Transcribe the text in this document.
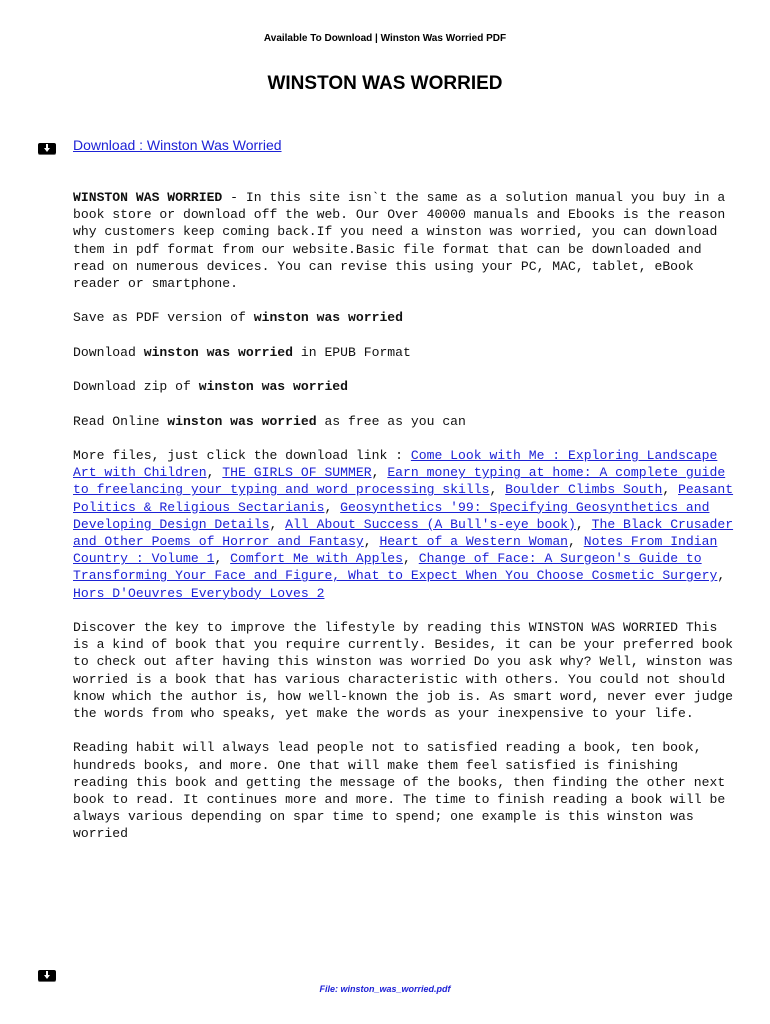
Available To Download | Winston Was Worried PDF
WINSTON WAS WORRIED
Download : Winston Was Worried

WINSTON WAS WORRIED - In this site isn`t the same as a solution manual you buy in a book store or download off the web. Our Over 40000 manuals and Ebooks is the reason why customers keep coming back.If you need a winston was worried, you can download them in pdf format from our website.Basic file format that can be downloaded and read on numerous devices. You can revise this using your PC, MAC, tablet, eBook reader or smartphone.

Save as PDF version of winston was worried

Download winston was worried in EPUB Format

Download zip of winston was worried

Read Online winston was worried as free as you can

More files, just click the download link : Come Look with Me : Exploring Landscape Art with Children, THE GIRLS OF SUMMER, Earn money typing at home: A complete guide to freelancing your typing and word processing skills, Boulder Climbs South, Peasant Politics & Religious Sectarianis, Geosynthetics '99: Specifying Geosynthetics and Developing Design Details, All About Success (A Bull's-eye book), The Black Crusader and Other Poems of Horror and Fantasy, Heart of a Western Woman, Notes From Indian Country : Volume 1, Comfort Me with Apples, Change of Face: A Surgeon's Guide to Transforming Your Face and Figure, What to Expect When You Choose Cosmetic Surgery, Hors D'Oeuvres Everybody Loves 2

Discover the key to improve the lifestyle by reading this WINSTON WAS WORRIED This is a kind of book that you require currently. Besides, it can be your preferred book to check out after having this winston was worried Do you ask why? Well, winston was worried is a book that has various characteristic with others. You could not should know which the author is, how well-known the job is. As smart word, never ever judge the words from who speaks, yet make the words as your inexpensive to your life.

Reading habit will always lead people not to satisfied reading a book, ten book, hundreds books, and more. One that will make them feel satisfied is finishing reading this book and getting the message of the books, then finding the other next book to read. It continues more and more. The time to finish reading a book will be always various depending on spar time to spend; one example is this winston was worried

File: winston_was_worried.pdf
